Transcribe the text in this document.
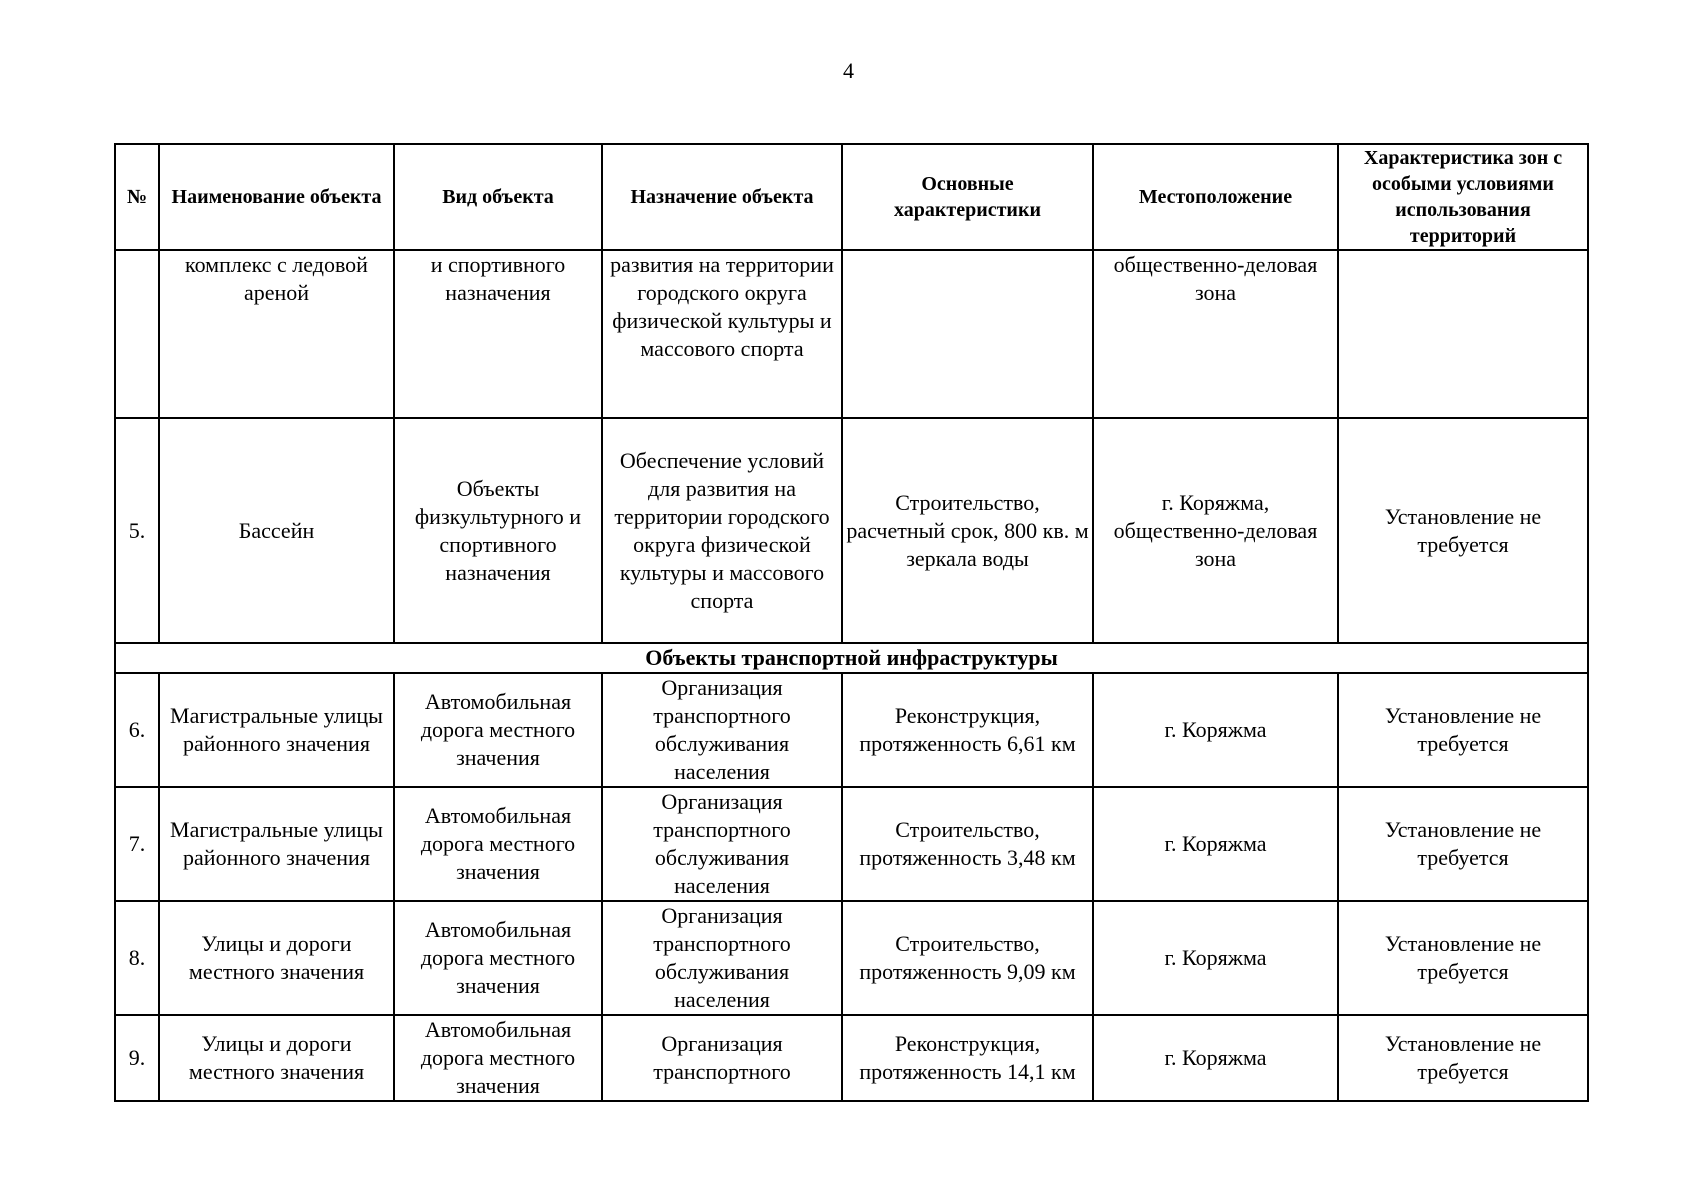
4
№	Наименование объекта	Вид объекта	Назначение объекта	Основные характеристики	Местоположение	Характеристика зон с особыми условиями использования территорий
	комплекс с ледовой ареной	и спортивного назначения	развития на территории городского округа физической культуры и массового спорта		общественно-деловая зона	
5.	Бассейн	Объекты физкультурного и спортивного назначения	Обеспечение условий для развития на территории городского округа физической культуры и массового спорта	Строительство, расчетный срок, 800 кв. м зеркала воды	г. Коряжма, общественно-деловая зона	Установление не требуется
Объекты транспортной инфраструктуры						
6.	Магистральные улицы районного значения	Автомобильная дорога местного значения	Организация транспортного обслуживания населения	Реконструкция, протяженность 6,61 км	г. Коряжма	Установление не требуется
7.	Магистральные улицы районного значения	Автомобильная дорога местного значения	Организация транспортного обслуживания населения	Строительство, протяженность 3,48 км	г. Коряжма	Установление не требуется
8.	Улицы и дороги местного значения	Автомобильная дорога местного значения	Организация транспортного обслуживания населения	Строительство, протяженность 9,09 км	г. Коряжма	Установление не требуется
9.	Улицы и дороги местного значения	Автомобильная дорога местного значения	Организация транспортного	Реконструкция, протяженность 14,1 км	г. Коряжма	Установление не требуется
